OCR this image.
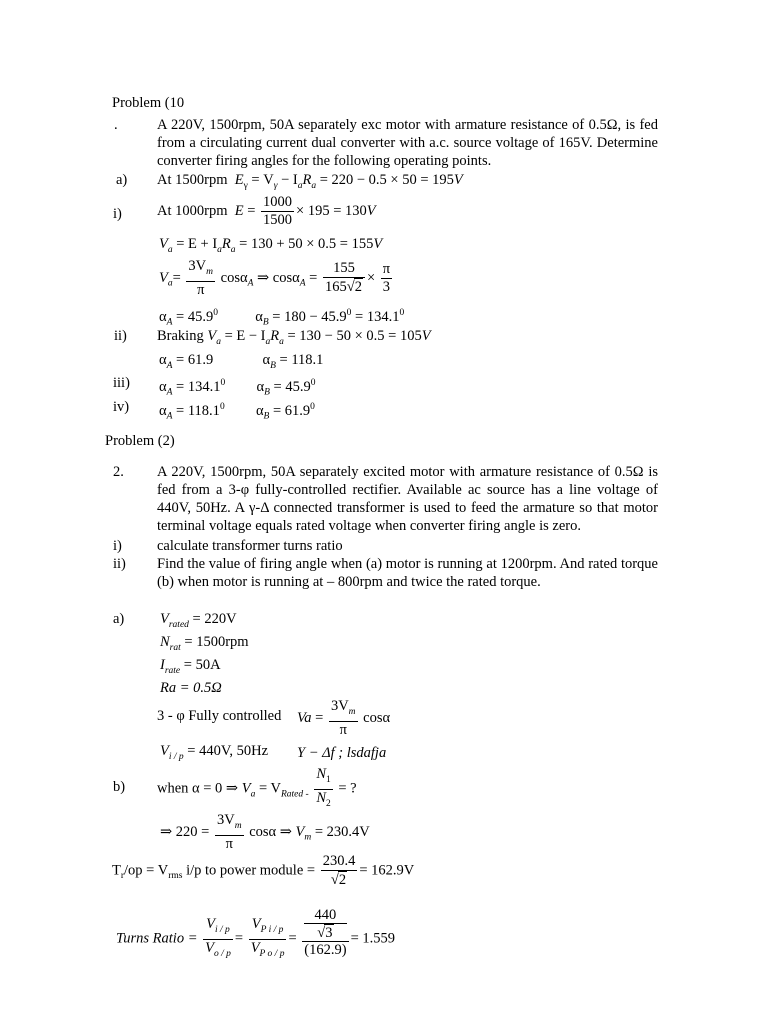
Problem (10
.	A 220V, 1500rpm, 50A separately exc motor with armature resistance of 0.5Ω, is fed from a circulating current dual converter with a.c. source voltage of 165V. Determine converter firing angles for the following operating points.
a) At 1500rpm  $E_\gamma = V_\gamma - I_aR_a = 220 - 0.5 \times 50 = 195V$
i) At 1000rpm  $E = \frac{1000}{1500} \times 195 = 130V$
$V_a = E + I_aR_a = 130 + 50 \times 0.5 = 155V$
$V_a= \frac{3V_m}{\pi} \cos\alpha_A$ ⇒ $\cos\alpha_A = \frac{155}{165√2} \times \frac{\pi}{3}$
$\alpha_A = 45.9^0$  $\alpha_B = 180 - 45.9^0 = 134.1^0$
ii) Braking $V_a = E - I_aR_a = 130 - 50 \times 0.5 = 105V$
$\alpha_A = 61.9$	$\alpha_B = 118.1$
iii) $\alpha_A = 134.1^0$  $\alpha_B = 45.9^0$
iv) $\alpha_A = 118.1^0$  $\alpha_B = 61.9^0$
Problem (2)
2. A 220V, 1500rpm, 50A separately excited motor with armature resistance of 0.5Ω is fed from a 3-φ fully-controlled rectifier. Available ac source has a line voltage of 440V, 50Hz. A γ-Δ connected transformer is used to feed the armature so that motor terminal voltage equals rated voltage when converter firing angle is zero.
i) calculate transformer turns ratio
ii) Find the value of firing angle when (a) motor is running at 1200rpm. And rated torque (b) when motor is running at – 800rpm and twice the rated torque.
a) $V_{rated} = 220V$
$N_{rat} = 1500rpm$
$I_{rate} = 50A$
Ra = 0.5Ω
3 - φ Fully controlled $Va = \frac{3V_m}{\pi}$ cosα
$V_{i / p} = 440V$, 50Hz Y − Δf ; lsdafja
b) when α = 0 ⇒ $V_a = V_{Rated -} \frac{N_1}{N_2}$ = ?
⇒ $220 = \frac{3V_m}{\pi}$ cosα ⇒ $V_m = 230.4V$
$T_r/op = V_{rms}$ i/p to power module = $\frac{230.4}{√2} = 162.9V$
Turns Ratio = $\frac{V_{i / p}}{V_{o / p}} = \frac{V_{P i / p}}{V_{P o / p}} = 440$
√3
(162.9) = 1.559
